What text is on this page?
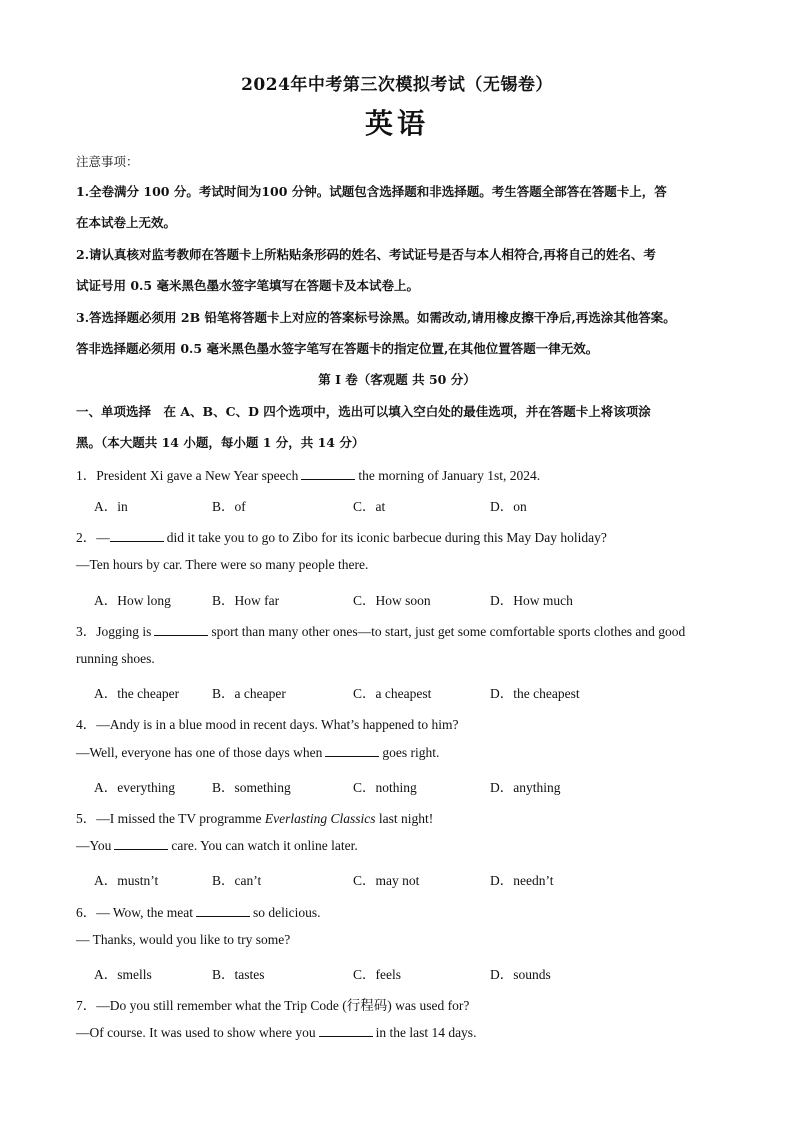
2024年中考第三次模拟考试（无锡卷）
英语
注意事项：
1.全卷满分 100 分。考试时间为100 分钟。试题包含选择题和非选择题。考生答题全部答在答题卡上，答
在本试卷上无效。
2.请认真核对监考教师在答题卡上所粘贴条形码的姓名、考试证号是否与本人相符合,再将自己的姓名、考
试证号用 0.5 毫米黑色墨水签字笔填写在答题卡及本试卷上。
3.答选择题必须用 2B 铅笔将答题卡上对应的答案标号涂黑。如需改动,请用橡皮擦干净后,再选涂其他答案。
答非选择题必须用 0.5 毫米黑色墨水签字笔写在答题卡的指定位置,在其他位置答题一律无效。
第 I 卷（客观题 共 50 分）
一、单项选择　在 A、B、C、D 四个选项中，选出可以填入空白处的最佳选项，并在答题卡上将该项涂
黑。（本大题共 14 小题，每小题 1 分，共 14 分）
1．President Xi gave a New Year speech	the morning of January 1st, 2024.
A．in	B．of	C．at	D．on
2．—	did it take you to go to Zibo for its iconic barbecue during this May Day holiday?
—Ten hours by car. There were so many people there.
A．How long	B．How far	C．How soon	D．How much
3．Jogging is	sport than many other ones—to start, just get some comfortable sports clothes and good
running shoes.
A．the cheaper B．a cheaper	C．a cheapest	D．the cheapest
4．—Andy is in a blue mood in recent days. What’s happened to him?
—Well, everyone has one of those days when	goes right.
A．everything	B．something	C．nothing	D．anything
5．—I missed the TV programme Everlasting Classics last night!
—You	care. You can watch it online later.
A．mustn’t	B．can’t	C．may not	D．needn’t
6．— Wow, the meat	so delicious.
— Thanks, would you like to try some?
A．smells	B．tastes	C．feels	D．sounds
7．—Do you still remember what the Trip Code (行程码) was used for?
—Of course. It was used to show where you	in the last 14 days.
